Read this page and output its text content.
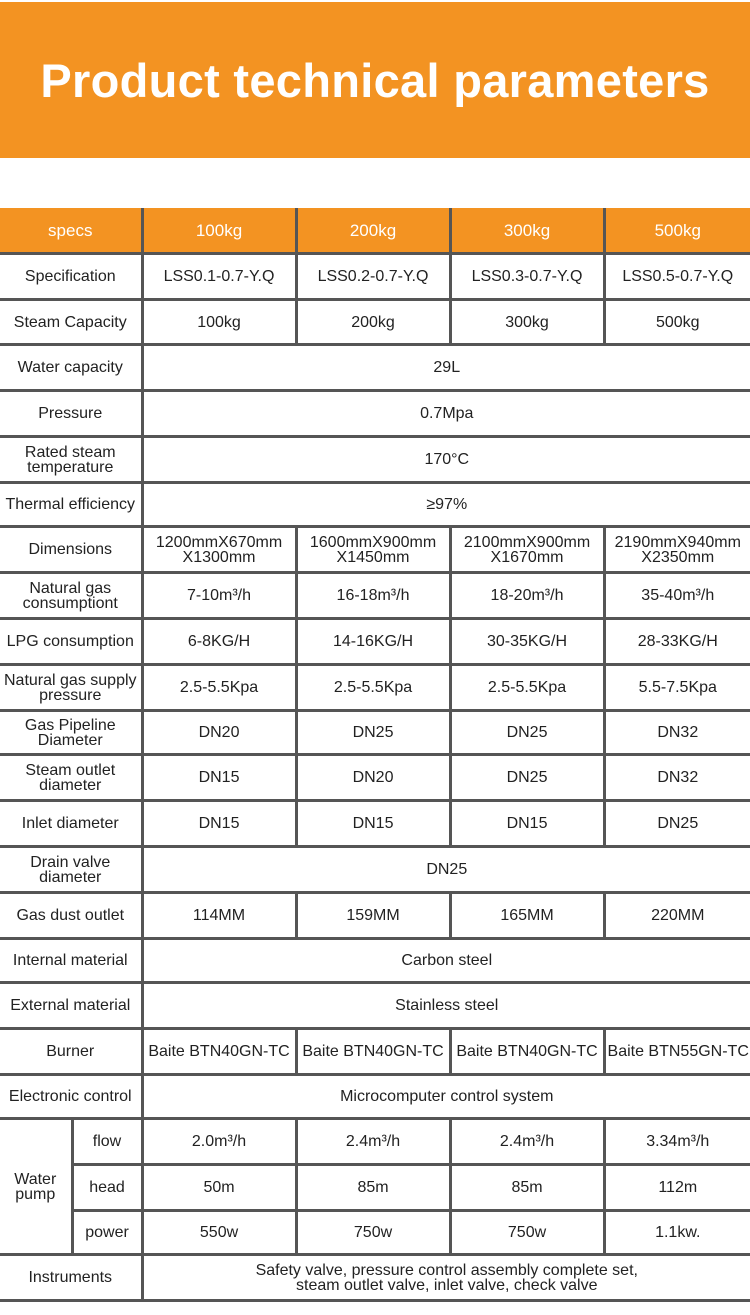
Product technical parameters
specs		100kg	200kg	300kg	500kg
Specification		LSS0.1-0.7-Y.Q	LSS0.2-0.7-Y.Q	LSS0.3-0.7-Y.Q	LSS0.5-0.7-Y.Q
Steam Capacity		100kg	200kg	300kg	500kg
Water capacity		29L			
Pressure		0.7Mpa			
Rated steam temperature		170°C			
Thermal efficiency		≥97%			
Dimensions		1200mmX670mm X1300mm	1600mmX900mm X1450mm	2100mmX900mm X1670mm	2190mmX940mm X2350mm
Natural gas consumptiont		7-10m³/h	16-18m³/h	18-20m³/h	35-40m³/h
LPG consumption		6-8KG/H	14-16KG/H	30-35KG/H	28-33KG/H
Natural gas supply pressure		2.5-5.5Kpa	2.5-5.5Kpa	2.5-5.5Kpa	5.5-7.5Kpa
Gas Pipeline Diameter		DN20	DN25	DN25	DN32
Steam outlet diameter		DN15	DN20	DN25	DN32
Inlet diameter		DN15	DN15	DN15	DN25
Drain valve diameter		DN25			
Gas dust outlet		114MM	159MM	165MM	220MM
Internal material		Carbon steel			
External material		Stainless steel			
Burner		Baite BTN40GN-TC	Baite BTN40GN-TC	Baite BTN40GN-TC	Baite BTN55GN-TC
Electronic control		Microcomputer control system			
Water pump	flow	2.0m³/h	2.4m³/h	2.4m³/h	3.34m³/h
	head	50m	85m	85m	112m
	power	550w	750w	750w	1.1kw.
Instruments		Safety valve, pressure control assembly complete set,
steam outlet valve, inlet valve, check valve			
